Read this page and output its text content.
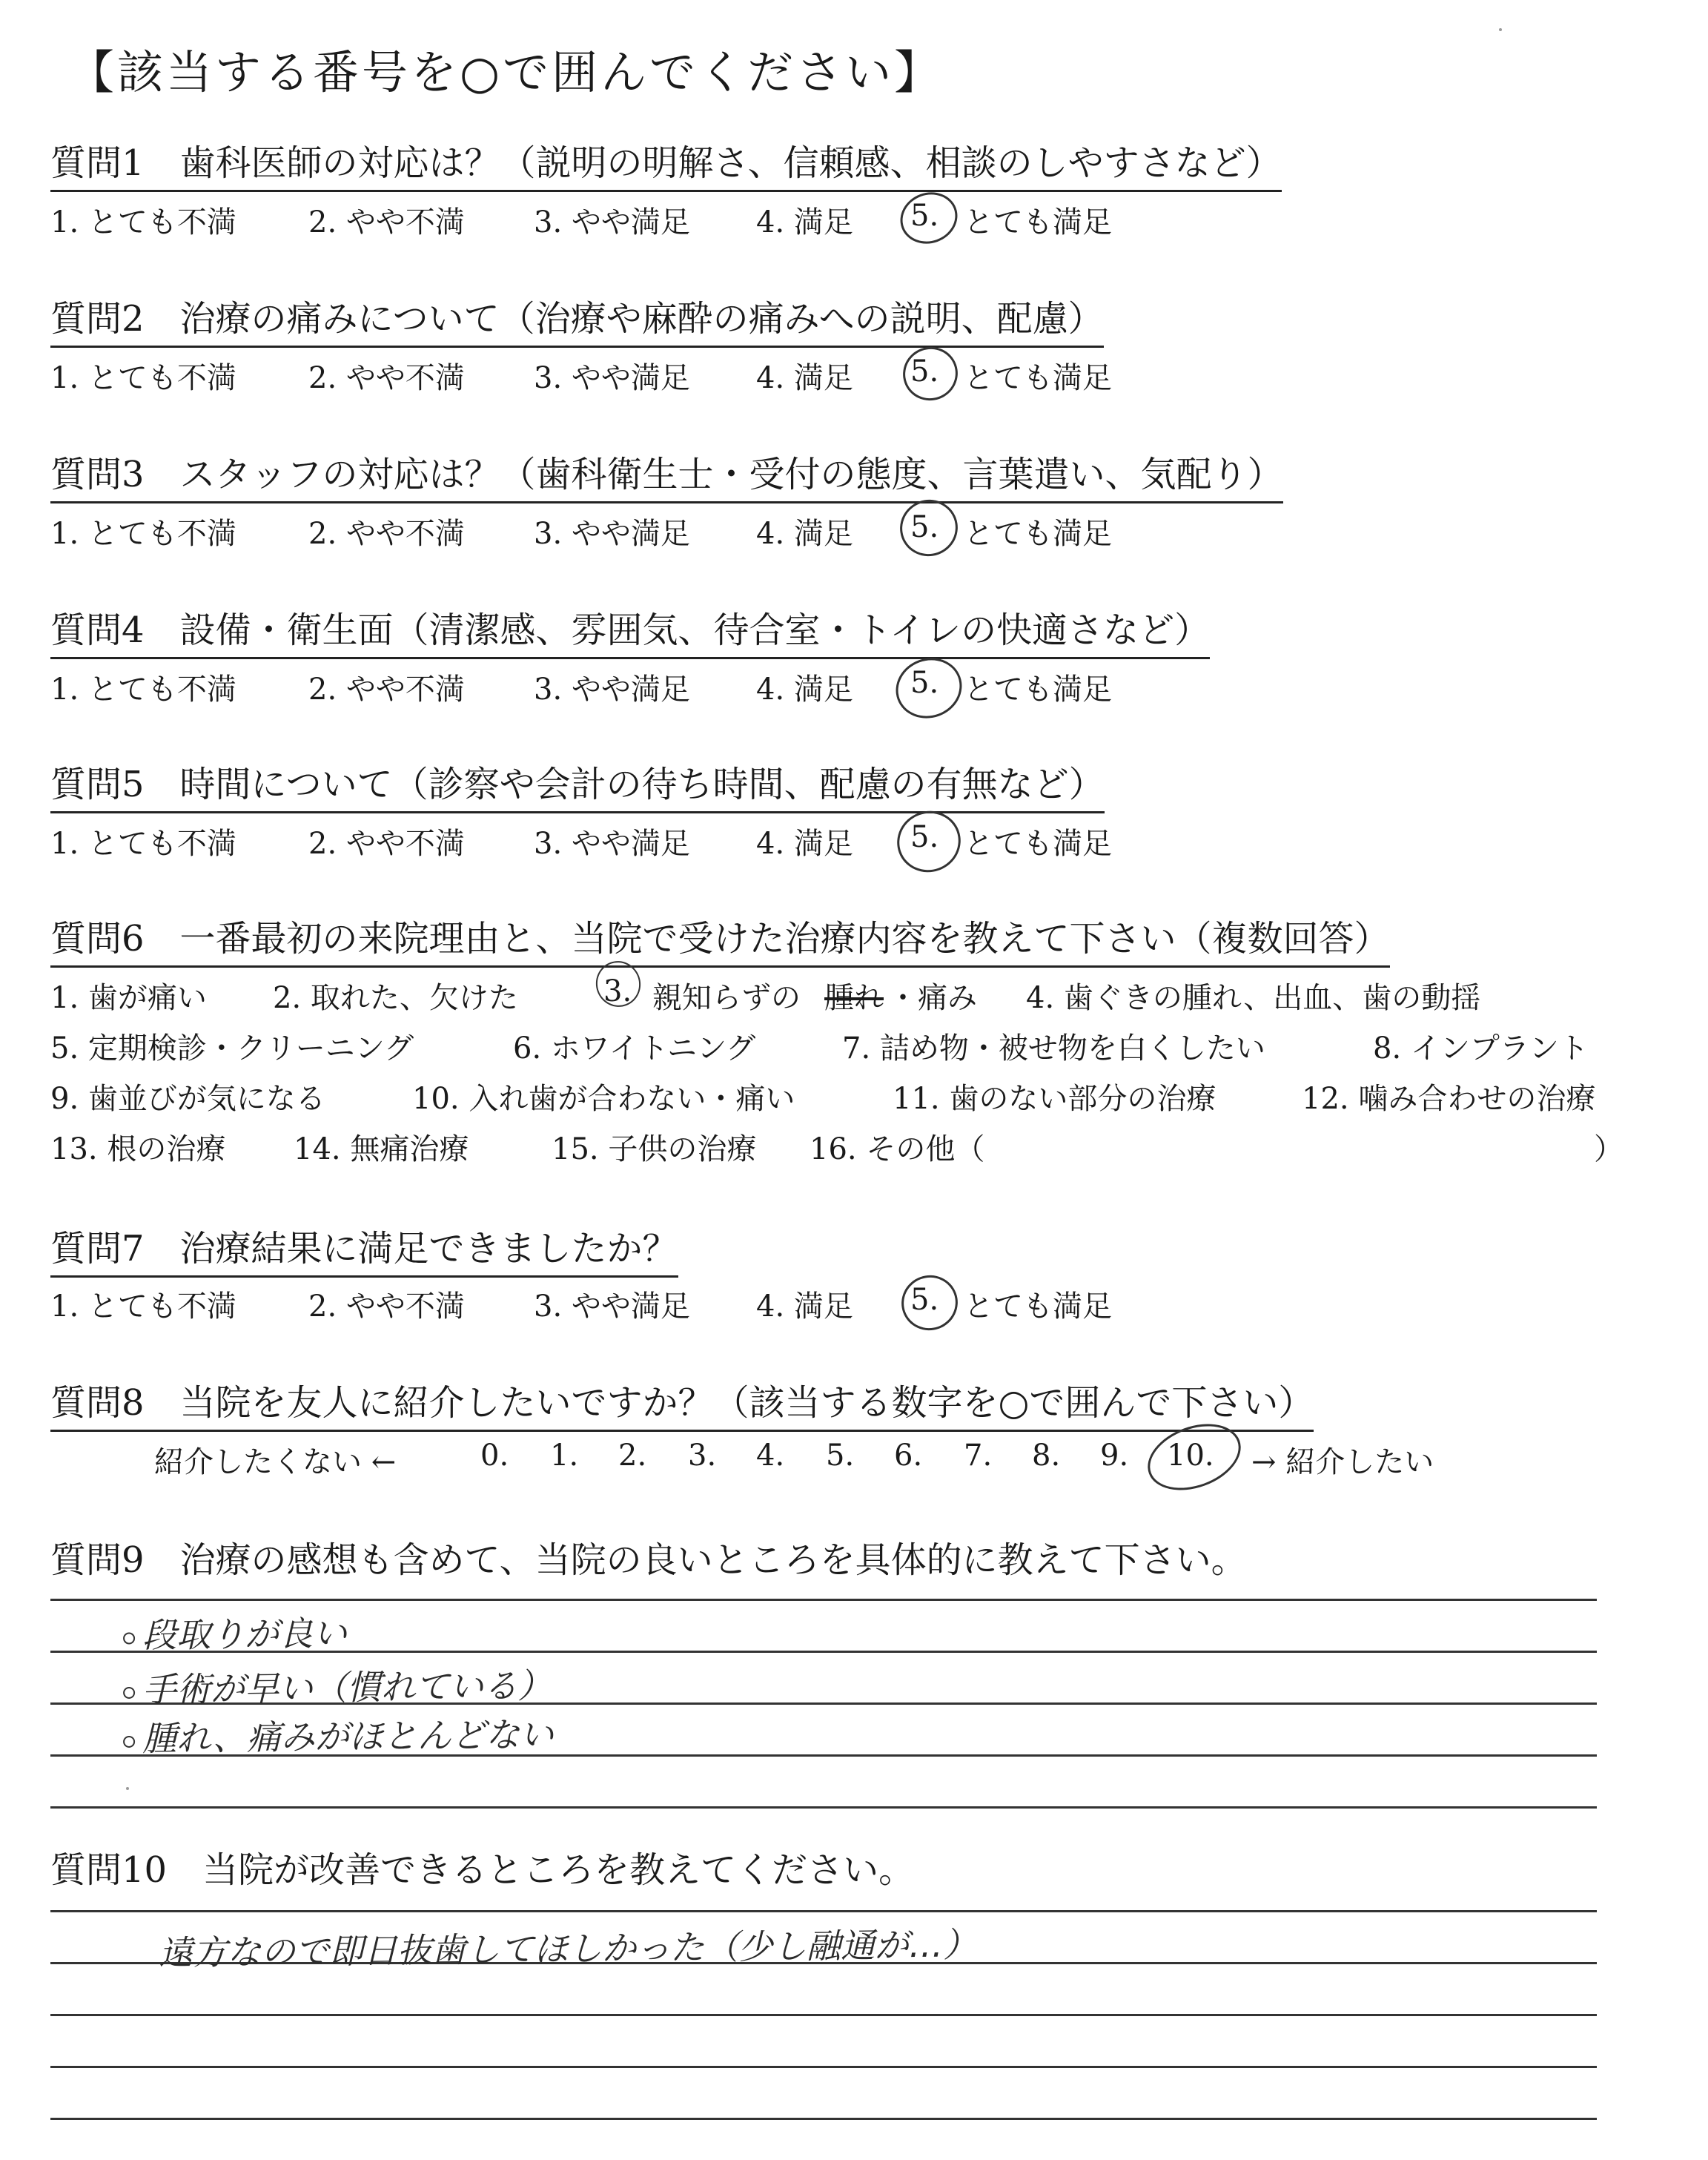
【該当する番号を○で囲んでください】
質問1　歯科医師の対応は？（説明の明解さ、信頼感、相談のしやすさなど）
1. とても不満 2. やや不満 3. やや満足 4. 満足 5. とても満足
質問2　治療の痛みについて（治療や麻酔の痛みへの説明、配慮）
1. とても不満 2. やや不満 3. やや満足 4. 満足 5. とても満足
質問3　スタッフの対応は？（歯科衛生士・受付の態度、言葉遣い、気配り）
1. とても不満 2. やや不満 3. やや満足 4. 満足 5. とても満足
質問4　設備・衛生面（清潔感、雰囲気、待合室・トイレの快適さなど）
1. とても不満 2. やや不満 3. やや満足 4. 満足 5. とても満足
質問5　時間について（診察や会計の待ち時間、配慮の有無など）
1. とても不満 2. やや不満 3. やや満足 4. 満足 5. とても満足
質問6　一番最初の来院理由と、当院で受けた治療内容を教えて下さい（複数回答）
1. 歯が痛い 2. 取れた、欠けた	3. 親知らずの 腫れ ・痛み 4. 歯ぐきの腫れ、出血、歯の動揺
5. 定期検診・クリーニング	6. ホワイトニング	7. 詰め物・被せ物を白くしたい	8. インプラント
9. 歯並びが気になる	10. 入れ歯が合わない・痛い	11. 歯のない部分の治療	12. 噛み合わせの治療
13. 根の治療 14. 無痛治療	15. 子供の治療 16. その他（	）
質問7　治療結果に満足できましたか？
1. とても不満 2. やや不満 3. やや満足 4. 満足 5. とても満足
質問8　当院を友人に紹介したいですか？（該当する数字を○で囲んで下さい）
紹介したくない ←	0. 1. 2. 3. 4. 5. 6. 7. 8. 9. 10. → 紹介したい
質問9　治療の感想も含めて、当院の良いところを具体的に教えて下さい。
段取りが良い
手術が早い（慣れている）
腫れ、痛みがほとんどない
質問10　当院が改善できるところを教えてください。
遠方なので即日抜歯してほしかった（少し融通が…）
